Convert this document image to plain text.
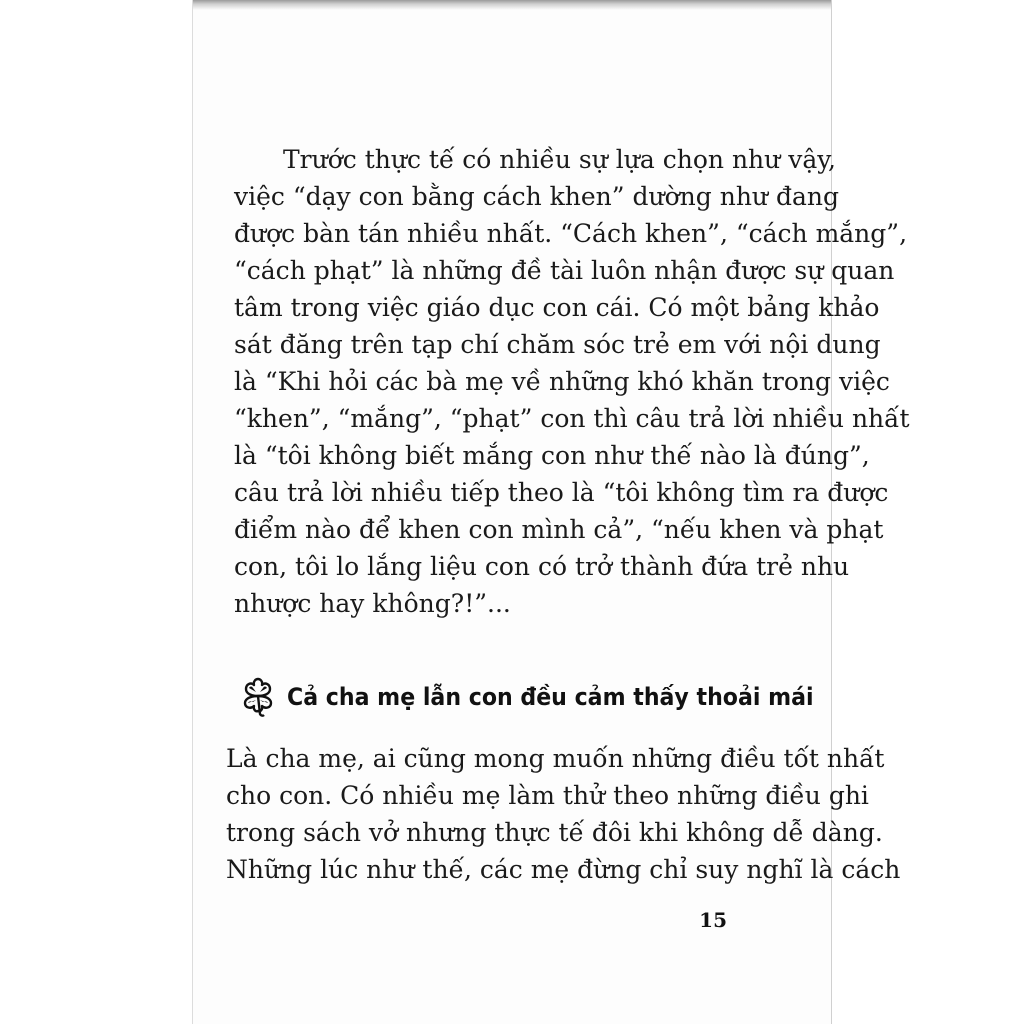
Trước thực tế có nhiều sự lựa chọn như vậy,
việc “dạy con bằng cách khen” dường như đang
được bàn tán nhiều nhất. “Cách khen”, “cách mắng”,
“cách phạt” là những đề tài luôn nhận được sự quan
tâm trong việc giáo dục con cái. Có một bảng khảo
sát đăng trên tạp chí chăm sóc trẻ em với nội dung
là “Khi hỏi các bà mẹ về những khó khăn trong việc
“khen”, “mắng”, “phạt” con thì câu trả lời nhiều nhất
là “tôi không biết mắng con như thế nào là đúng”,
câu trả lời nhiều tiếp theo là “tôi không tìm ra được
điểm nào để khen con mình cả”, “nếu khen và phạt
con, tôi lo lắng liệu con có trở thành đứa trẻ nhu
nhược hay không?!”...
Cả cha mẹ lẫn con đều cảm thấy thoải mái
Là cha mẹ, ai cũng mong muốn những điều tốt nhất
cho con. Có nhiều mẹ làm thử theo những điều ghi
trong sách vở nhưng thực tế đôi khi không dễ dàng.
Những lúc như thế, các mẹ đừng chỉ suy nghĩ là cách
15
